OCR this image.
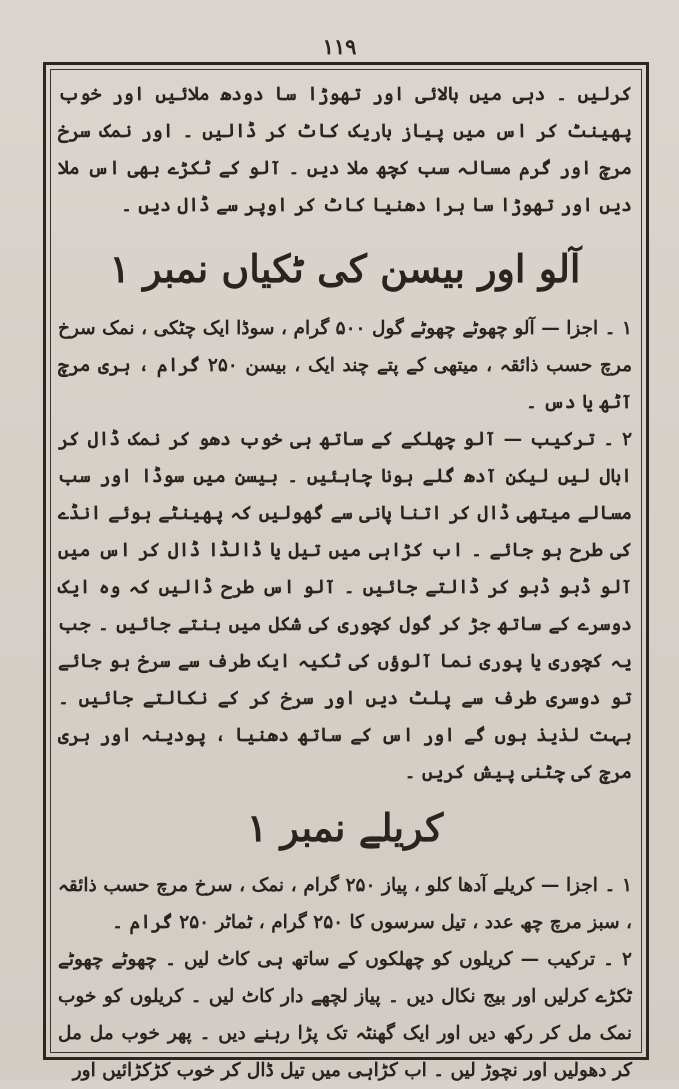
۱۱۹

کرلیں ۔ دہی میں بالائی اور تھوڑا سا دودھ ملائیں اور خوب پھینٹ کر اس میں پیاز باریک کاٹ کر ڈالیں ۔ اور نمک سرخ مرچ اور گرم مسالہ سب کچھ ملا دیں ۔ آلو کے ٹکڑے بھی اس ملا دیں اور تھوڑا سا ہرا دھنیا کاٹ کر اوپر سے ڈال دیں ۔

آلو اور بیسن کی ٹکیاں نمبر ۱

۱ ۔ اجزا — آلو چھوٹے چھوٹے گول ۵۰۰ گرام ، سوڈا ایک چٹکی ، نمک سرخ مرچ حسب ذائقہ ، میتھی کے پتے چند ایک ، بیسن ۲۵۰ گرام ، ہری مرچ آٹھ یا دس ۔

۲ ۔ ترکیب — آلو چھلکے کے ساتھ ہی خوب دھو کر نمک ڈال کر ابال لیں لیکن آدھ گلے ہونا چاہئیں ۔ بیسن میں سوڈا اور سب مسالے میتھی ڈال کر اتنا پانی سے گھولیں کہ پھینٹے ہوئے انڈے کی طرح ہو جائے ۔ اب کڑاہی میں تیل یا ڈالڈا ڈال کر اس میں آلو ڈبو ڈبو کر ڈالتے جائیں ۔ آلو اس طرح ڈالیں کہ وہ ایک دوسرے کے ساتھ جڑ کر گول کچوری کی شکل میں بنتے جائیں ۔ جب یہ کچوری یا پوری نما آلوؤں کی ٹکیہ ایک طرف سے سرخ ہو جائے تو دوسری طرف سے پلٹ دیں اور سرخ کر کے نکالتے جائیں ۔ بہت لذیذ ہوں گے اور اس کے ساتھ دھنیا ، پودینہ اور ہری مرچ کی چٹنی پیش کریں ۔

کریلے نمبر ۱

۱ ۔ اجزا — کریلے آدھا کلو ، پیاز ۲۵۰ گرام ، نمک ، سرخ مرچ حسب ذائقہ ، سبز مرچ چھ عدد ، تیل سرسوں کا ۲۵۰ گرام ، ٹماٹر ۲۵۰ گرام ۔

۲ ۔ ترکیب — کریلوں کو چھلکوں کے ساتھ ہی کاٹ لیں ۔ چھوٹے چھوٹے ٹکڑے کرلیں اور بیج نکال دیں ۔ پیاز لچھے دار کاٹ لیں ۔ کریلوں کو خوب نمک مل کر رکھ دیں اور ایک گھنٹہ تک پڑا رہنے دیں ۔ پھر خوب مل مل کر دھولیں اور نچوڑ لیں ۔ اب کڑاہی میں تیل ڈال کر خوب کڑکڑائیں اور
